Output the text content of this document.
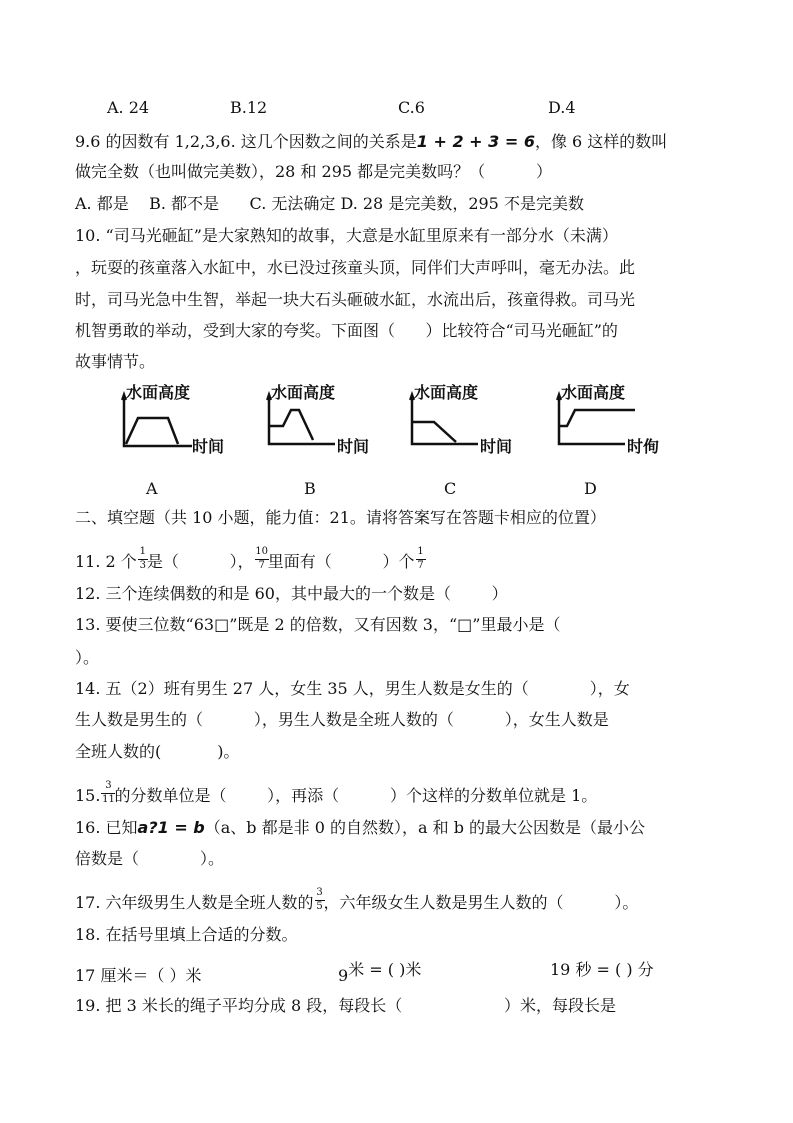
A. 24	B.12	C.6	D.4
9.6 的因数有 1,2,3,6. 这几个因数之间的关系是1 + 2 + 3 = 6，像 6 这样的数叫
做完全数（也叫做完美数），28 和 295 都是完美数吗？（          ）
A. 都是    B. 都不是      C. 无法确定 D. 28 是完美数，295 不是完美数
10. “司马光砸缸”是大家熟知的故事，大意是水缸里原来有一部分水（未满）
，玩耍的孩童落入水缸中，水已没过孩童头顶，同伴们大声呼叫，毫无办法。此
时，司马光急中生智，举起一块大石头砸破水缸，水流出后，孩童得救。司马光
机智勇敢的举动，受到大家的夸奖。下面图（      ）比较符合“司马光砸缸”的
故事情节。
水面高度
时间
水面高度
时间
水面高度
时间
水面高度
时侚
A	B	C	D
二、填空题（共 10 小题，能力值：21。请将答案写在答题卡相应的位置）
11. 2 个 $\frac{1}{3}$ 是（          ）， $\frac{10}{7}$ 里面有（          ）个 $\frac{1}{7}$
12. 三个连续偶数的和是 60，其中最大的一个数是（        ）
13. 要使三位数“63□”既是 2 的倍数，又有因数 3，“□”里最小是（
）。
14. 五（2）班有男生 27 人，女生 35 人，男生人数是女生的（            ），女
生人数是男生的（          ），男生人数是全班人数的（          ），女生人数是
全班人数的(           )。
15. $\frac{3}{11}$ 的分数单位是（        ），再添（          ）个这样的分数单位就是 1。
16. 已知a?1 = b（a、b 都是非 0 的自然数），a 和 b 的最大公因数是（最小公
倍数是（            ）。
17. 六年级男生人数是全班人数的 $\frac{3}{5}$ ，六年级女生人数是男生人数的（          ）。
18. 在括号里填上合适的分数。
17 厘米＝（ ）米	9米 = ( )米	19 秒 = ( ) 分
19. 把 3 米长的绳子平均分成 8 段，每段长（                    ）米，每段长是
